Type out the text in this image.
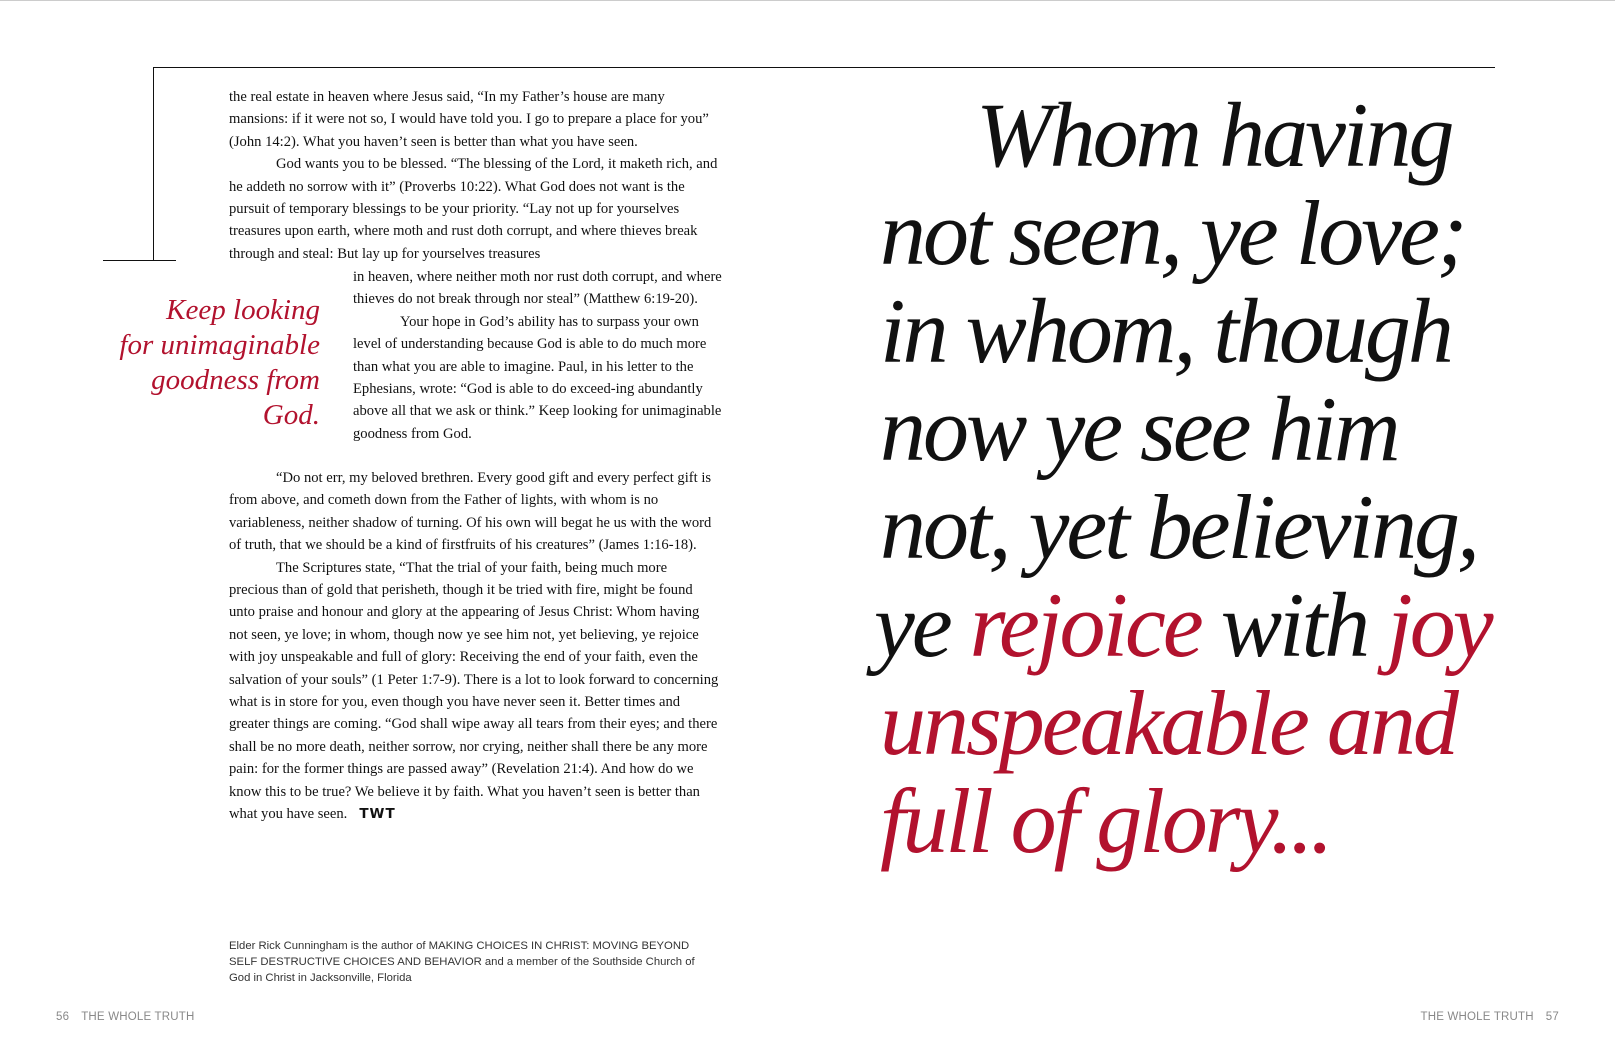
the real estate in heaven where Jesus said, “In my Father’s house are many mansions: if it were not so, I would have told you. I go to prepare a place for you” (John 14:2). What you haven’t seen is better than what you have seen.

God wants you to be blessed. “The blessing of the Lord, it maketh rich, and he addeth no sorrow with it” (Proverbs 10:22). What God does not want is the pursuit of temporary blessings to be your priority. “Lay not up for yourselves treasures upon earth, where moth and rust doth corrupt, and where thieves break through and steal: But lay up for yourselves treasures

in heaven, where neither moth nor rust doth corrupt, and where thieves do not break through nor steal” (Matthew 6:19-20).

Your hope in God’s ability has to surpass your own level of understanding because God is able to do much more than what you are able to imagine. Paul, in his letter to the Ephesians, wrote: “God is able to do exceed-ing abundantly above all that we ask or think.” Keep looking for unimaginable goodness from God.

“Do not err, my beloved brethren. Every good gift and every perfect gift is from above, and cometh down from the Father of lights, with whom is no variableness, neither shadow of turning. Of his own will begat he us with the word of truth, that we should be a kind of firstfruits of his creatures” (James 1:16-18).

The Scriptures state, “That the trial of your faith, being much more precious than of gold that perisheth, though it be tried with fire, might be found unto praise and honour and glory at the appearing of Jesus Christ: Whom having not seen, ye love; in whom, though now ye see him not, yet believing, ye rejoice with joy unspeakable and full of glory: Receiving the end of your faith, even the salvation of your souls” (1 Peter 1:7-9). There is a lot to look forward to concerning what is in store for you, even though you have never seen it. Better times and greater things are coming. “God shall wipe away all tears from their eyes; and there shall be no more death, neither sorrow, nor crying, neither shall there be any more pain: for the former things are passed away” (Revelation 21:4). And how do we know this to be true? We believe it by faith. What you haven’t seen is better than what you have seen. TWT

Keep looking
for unimaginable
goodness from
God.
Elder Rick Cunningham is the author of MAKING CHOICES IN CHRIST: MOVING BEYOND
SELF DESTRUCTIVE CHOICES AND BEHAVIOR and a member of the Southside Church of
God in Christ in Jacksonville, Florida
56 THE WHOLE TRUTH	THE WHOLE TRUTH 57
Whom having
not seen, ye love;
in whom, though
now ye see him
not, yet believing,
ye rejoice with joy
unspeakable and
full of glory...
